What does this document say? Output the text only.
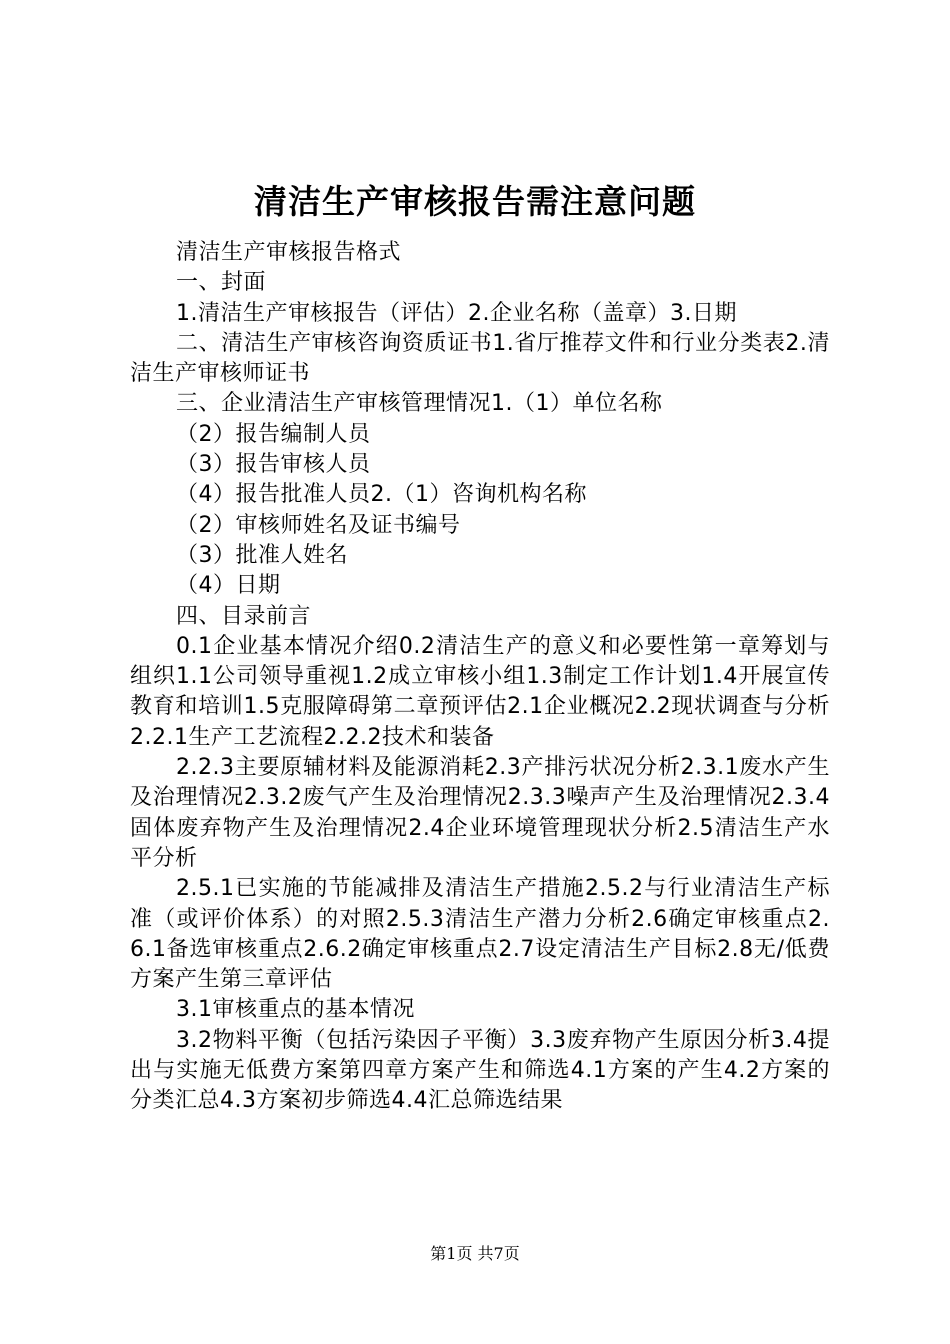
清洁生产审核报告需注意问题

清洁生产审核报告格式

一、封面

1.清洁生产审核报告（评估）2.企业名称（盖章）3.日期

二、清洁生产审核咨询资质证书1.省厅推荐文件和行业分类表2.清洁生产审核师证书

三、企业清洁生产审核管理情况1.（1）单位名称

（2）报告编制人员

（3）报告审核人员

（4）报告批准人员2.（1）咨询机构名称

（2）审核师姓名及证书编号

（3）批准人姓名

（4）日期

四、目录前言

0.1企业基本情况介绍0.2清洁生产的意义和必要性第一章筹划与组织1.1公司领导重视1.2成立审核小组1.3制定工作计划1.4开展宣传教育和培训1.5克服障碍第二章预评估2.1企业概况2.2现状调查与分析2.2.1生产工艺流程2.2.2技术和装备

2.2.3主要原辅材料及能源消耗2.3产排污状况分析2.3.1废水产生及治理情况2.3.2废气产生及治理情况2.3.3噪声产生及治理情况2.3.4固体废弃物产生及治理情况2.4企业环境管理现状分析2.5清洁生产水平分析

2.5.1已实施的节能减排及清洁生产措施2.5.2与行业清洁生产标准（或评价体系）的对照2.5.3清洁生产潜力分析2.6确定审核重点2.6.1备选审核重点2.6.2确定审核重点2.7设定清洁生产目标2.8无/低费方案产生第三章评估

3.1审核重点的基本情况

3.2物料平衡（包括污染因子平衡）3.3废弃物产生原因分析3.4提出与实施无低费方案第四章方案产生和筛选4.1方案的产生4.2方案的分类汇总4.3方案初步筛选4.4汇总筛选结果

第1页 共7页
